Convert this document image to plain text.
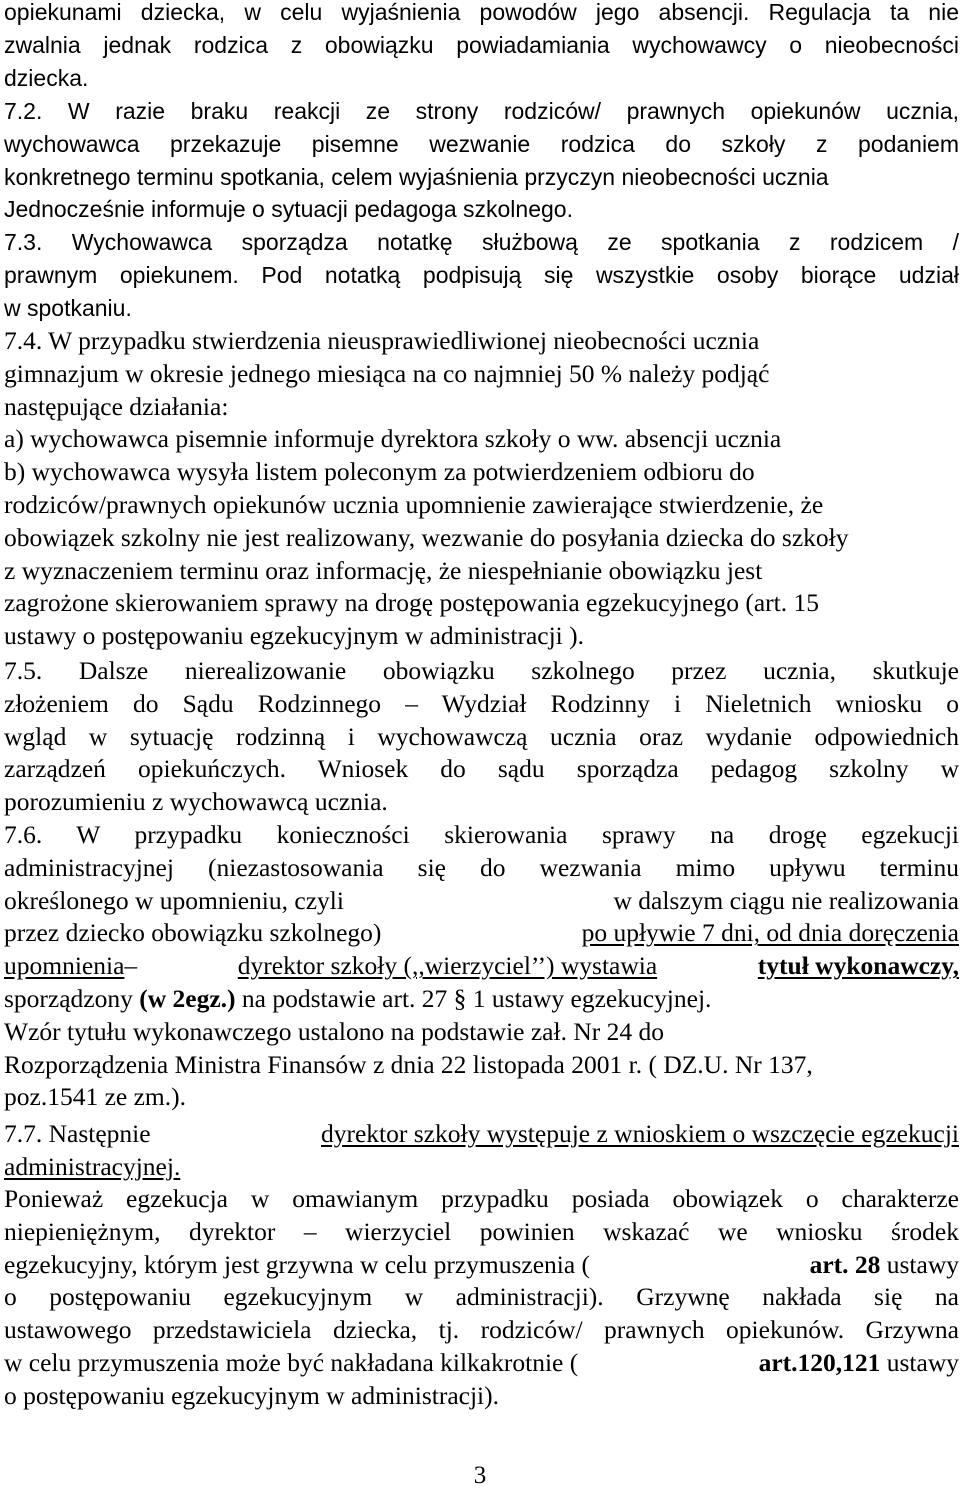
opiekunami dziecka, w celu wyjaśnienia powodów jego absencji. Regulacja ta nie
zwalnia jednak rodzica z obowiązku powiadamiania wychowawcy o nieobecności
dziecka.

7.2. W razie braku reakcji ze strony rodziców/ prawnych opiekunów ucznia,
wychowawca przekazuje pisemne wezwanie rodzica do szkoły z podaniem
konkretnego terminu spotkania, celem wyjaśnienia przyczyn nieobecności ucznia
Jednocześnie informuje o sytuacji pedagoga szkolnego.

7.3. Wychowawca sporządza notatkę służbową ze spotkania z rodzicem /
prawnym opiekunem. Pod notatką podpisują się wszystkie osoby biorące udział
w spotkaniu.

7.4. W przypadku stwierdzenia nieusprawiedliwionej nieobecności ucznia
gimnazjum w okresie jednego miesiąca na co najmniej 50 % należy podjąć
następujące działania:
a) wychowawca pisemnie informuje dyrektora szkoły o ww. absencji ucznia
b) wychowawca wysyła listem poleconym za potwierdzeniem odbioru do
rodziców/prawnych opiekunów ucznia upomnienie zawierające stwierdzenie, że
obowiązek szkolny nie jest realizowany, wezwanie do posyłania dziecka do szkoły
z wyznaczeniem terminu oraz informację, że niespełnianie obowiązku jest
zagrożone skierowaniem sprawy na drogę postępowania egzekucyjnego (art. 15
ustawy o postępowaniu egzekucyjnym w administracji ).

7.5. Dalsze nierealizowanie obowiązku szkolnego przez ucznia, skutkuje
złożeniem do Sądu Rodzinnego – Wydział Rodzinny i Nieletnich wniosku o
wgląd w sytuację rodzinną i wychowawczą ucznia oraz wydanie odpowiednich
zarządzeń opiekuńczych. Wniosek do sądu sporządza pedagog szkolny w
porozumieniu z wychowawcą ucznia.

7.6. W przypadku konieczności skierowania sprawy na drogę egzekucji
administracyjnej (niezastosowania się do wezwania mimo upływu terminu
określonego w upomnieniu, czyli	w dalszym ciągu nie realizowania
przez dziecko obowiązku szkolnego)	po upływie 7 dni, od dnia doręczenia
upomnienia–	dyrektor szkoły (,,wierzyciel’’) wystawia	tytuł wykonawczy,
sporządzony (w 2egz.) na podstawie art. 27 § 1 ustawy egzekucyjnej.
Wzór tytułu wykonawczego ustalono na podstawie zał. Nr 24 do
Rozporządzenia Ministra Finansów z dnia 22 listopada 2001 r. ( DZ.U. Nr 137,
poz.1541 ze zm.).
7.7. Następnie	dyrektor szkoły występuje z wnioskiem o wszczęcie egzekucji
administracyjnej.
Ponieważ egzekucja w omawianym przypadku posiada obowiązek o charakterze
niepieniężnym, dyrektor – wierzyciel powinien wskazać we wniosku środek
egzekucyjny, którym jest grzywna w celu przymuszenia (	art. 28 ustawy
o postępowaniu egzekucyjnym w administracji). Grzywnę nakłada się na
ustawowego przedstawiciela dziecka, tj. rodziców/ prawnych opiekunów. Grzywna
w celu przymuszenia może być nakładana kilkakrotnie (	art.120,121 ustawy
o postępowaniu egzekucyjnym w administracji).
3
